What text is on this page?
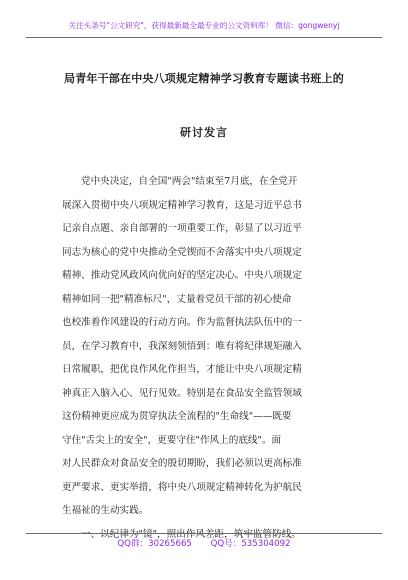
关注头条号"公文研究"，获得最新最全最专业的公文资料库！ 微信：gongwenyj
局青年干部在中央八项规定精神学习教育专题读书班上的
研讨发言
党中央决定，自全国"两会"结束至7月底，在全党开
展深入贯彻中央八项规定精神学习教育，这是习近平总书
记亲自点题、亲自部署的一项重要工作，彰显了以习近平
同志为核心的党中央推动全党锲而不舍落实中央八项规定
精神、推动党风政风向优向好的坚定决心。中央八项规定
精神如同一把"精准标尺"，丈量着党员干部的初心使命
也校准着作风建设的行动方向。作为监督执法队伍中的一
员，在学习教育中，我深刻领悟到：唯有将纪律规矩融入
日常履职，把优良作风化作担当，才能让中央八项规定精
神真正入脑入心、见行见效。特别是在食品安全监管领域
这份精神更应成为贯穿执法全流程的"生命线"——既要
守住"舌尖上的安全"，更要守住"作风上的底线"。面
对人民群众对食品安全的殷切期盼，我们必须以更高标准
更严要求、更实举措，将中央八项规定精神转化为护航民
生福祉的生动实践。
一、以纪律为"镜"，照出作风差距，筑牢监管防线。
QQ群：30265665 QQ号：535304092
